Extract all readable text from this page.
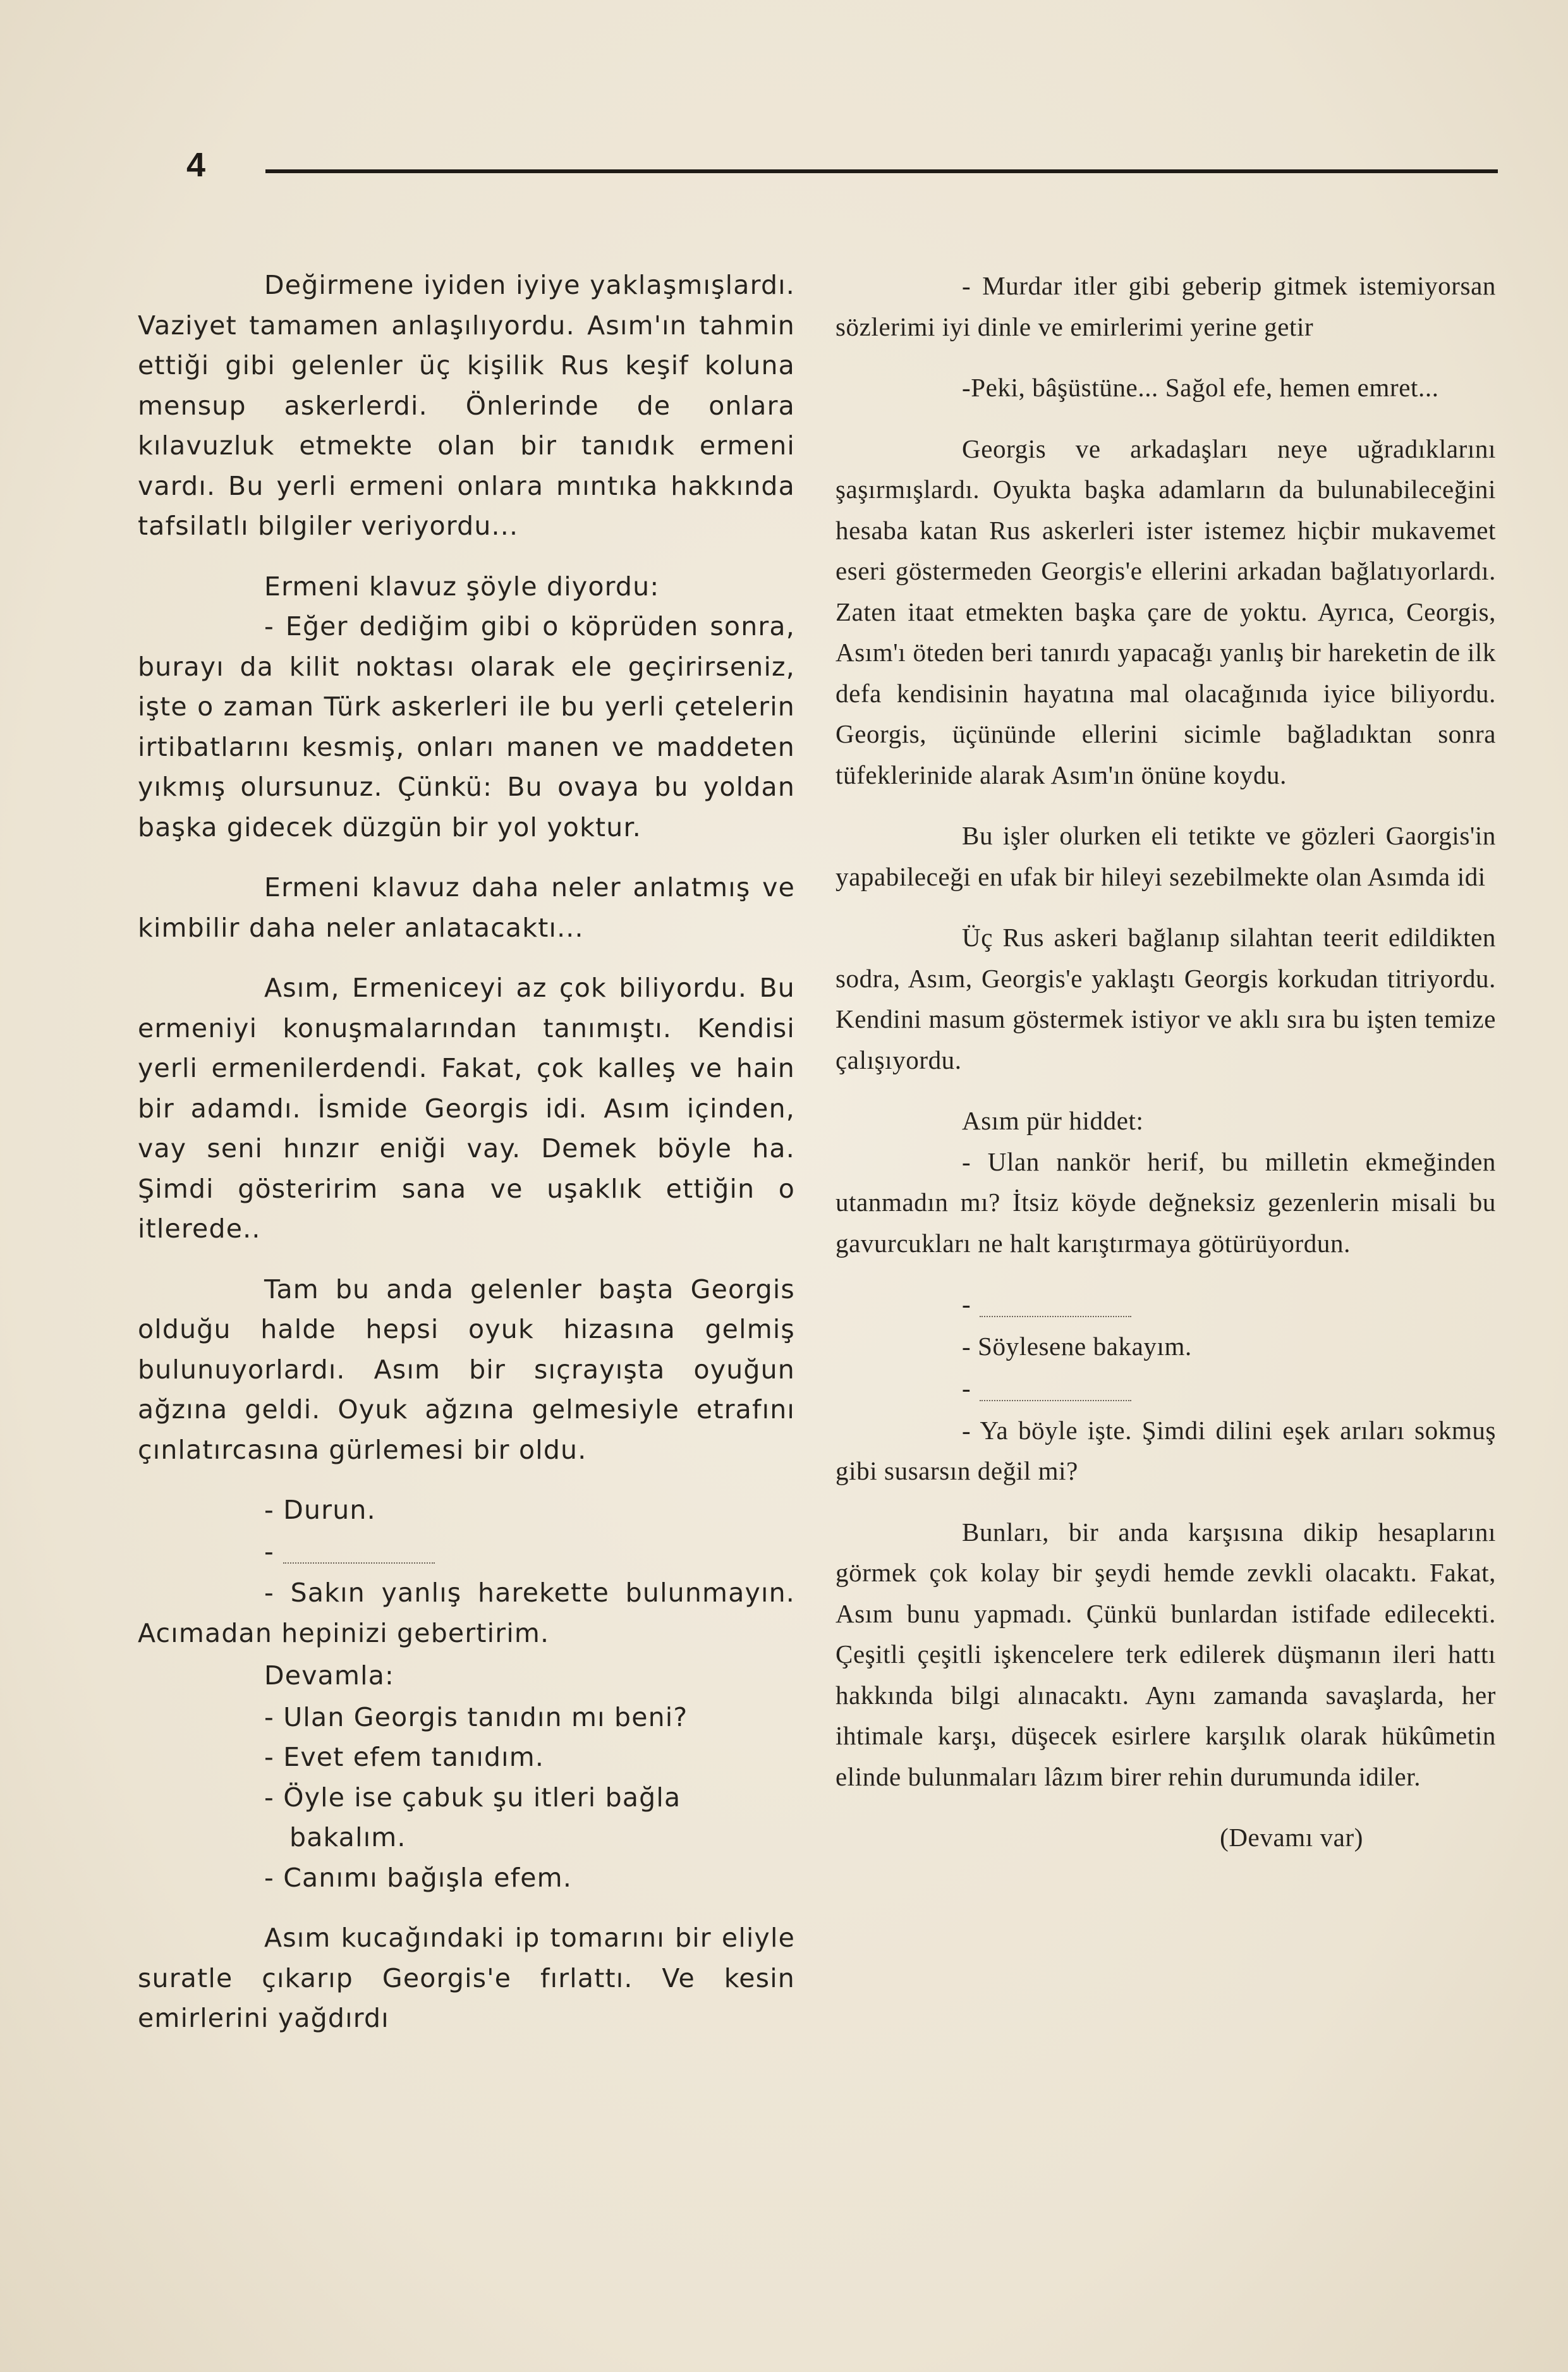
4

Değirmene iyiden iyiye yaklaşmışlardı. Vaziyet tamamen anlaşılıyordu. Asım'ın tahmin ettiği gibi gelenler üç kişilik Rus keşif koluna mensup askerlerdi. Önlerinde de onlara kılavuzluk etmekte olan bir tanıdık ermeni vardı. Bu yerli ermeni onlara mıntıka hakkında tafsilatlı bilgiler veriyordu...

Ermeni klavuz şöyle diyordu:

- Eğer dediğim gibi o köprüden sonra, burayı da kilit noktası olarak ele geçirirseniz, işte o zaman Türk askerleri ile bu yerli çetelerin irtibatlarını kesmiş, onları manen ve maddeten yıkmış olursunuz. Çünkü: Bu ovaya bu yoldan başka gidecek düzgün bir yol yoktur.

Ermeni klavuz daha neler anlatmış ve kimbilir daha neler anlatacaktı...

Asım, Ermeniceyi az çok biliyordu. Bu ermeniyi konuşmalarından tanımıştı. Kendisi yerli ermenilerdendi. Fakat, çok kalleş ve hain bir adamdı. İsmide Georgis idi. Asım içinden, vay seni hınzır eniği vay. Demek böyle ha. Şimdi gösteririm sana ve uşaklık ettiğin o itlerede..

Tam bu anda gelenler başta Georgis olduğu halde hepsi oyuk hizasına gelmiş bulunuyorlardı. Asım bir sıçrayışta oyuğun ağzına geldi. Oyuk ağzına gelmesiyle etrafını çınlatırcasına gürlemesi bir oldu.

- Durun.

-

- Sakın yanlış harekette bulunmayın. Acımadan hepinizi gebertirim.

Devamla:

- Ulan Georgis tanıdın mı beni?

- Evet efem tanıdım.

- Öyle ise çabuk şu itleri bağla bakalım.

- Canımı bağışla efem.

Asım kucağındaki ip tomarını bir eliyle suratle çıkarıp Georgis'e fırlattı. Ve kesin emirlerini yağdırdı

- Murdar itler gibi geberip gitmek istemiyorsan sözlerimi iyi dinle ve emirlerimi yerine getir

-Peki, bâşüstüne... Sağol efe, hemen emret...

Georgis ve arkadaşları neye uğradıklarını şaşırmışlardı. Oyukta başka adamların da bulunabileceğini hesaba katan Rus askerleri ister istemez hiçbir mukavemet eseri göstermeden Georgis'e ellerini arkadan bağlatıyorlardı. Zaten itaat etmekten başka çare de yoktu. Ayrıca, Ceorgis, Asım'ı öteden beri tanırdı yapacağı yanlış bir hareketin de ilk defa kendisinin hayatına mal olacağınıda iyice biliyordu. Georgis, üçününde ellerini sicimle bağladıktan sonra tüfeklerinide alarak Asım'ın önüne koydu.

Bu işler olurken eli tetikte ve gözleri Gaorgis'in yapabileceği en ufak bir hileyi sezebilmekte olan Asımda idi

Üç Rus askeri bağlanıp silahtan teerit edildikten sodra, Asım, Georgis'e yaklaştı Georgis korkudan titriyordu. Kendini masum göstermek istiyor ve aklı sıra bu işten temize çalışıyordu.

Asım pür hiddet:

- Ulan nankör herif, bu milletin ekmeğinden utanmadın mı? İtsiz köyde değneksiz gezenlerin misali bu gavurcukları ne halt karıştırmaya götürüyordun.

-

- Söylesene bakayım.

-

- Ya böyle işte. Şimdi dilini eşek arıları sokmuş gibi susarsın değil mi?

Bunları, bir anda karşısına dikip hesaplarını görmek çok kolay bir şeydi hemde zevkli olacaktı. Fakat, Asım bunu yapmadı. Çünkü bunlardan istifade edilecekti. Çeşitli çeşitli işkencelere terk edilerek düşmanın ileri hattı hakkında bilgi alınacaktı. Aynı zamanda savaşlarda, her ihtimale karşı, düşecek esirlere karşılık olarak hükûmetin elinde bulunmaları lâzım birer rehin durumunda idiler.

(Devamı var)
